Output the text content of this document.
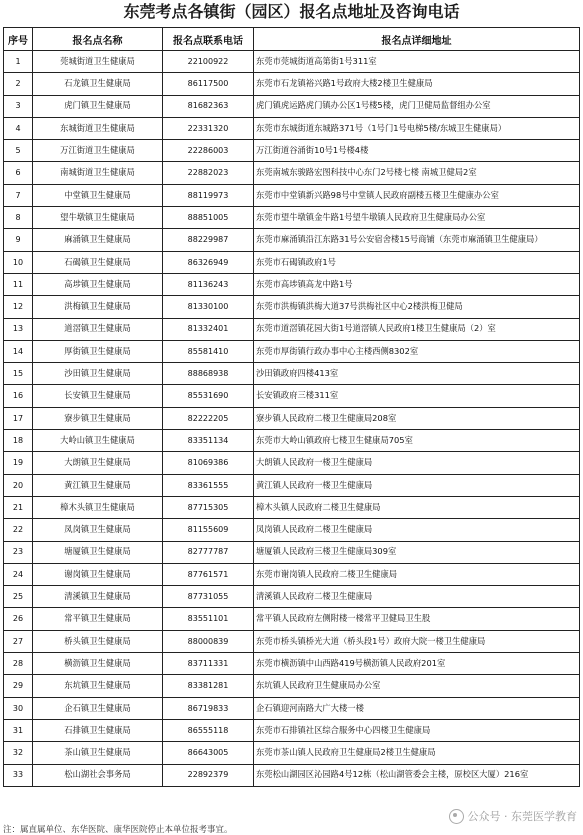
东莞考点各镇街（园区）报名点地址及咨询电话
序号	报名点名称	报名点联系电话	报名点详细地址
1	莞城街道卫生健康局	22100922	东莞市莞城街道高第街1号311室
2	石龙镇卫生健康局	86117500	东莞市石龙镇裕兴路1号政府大楼2楼卫生健康局
3	虎门镇卫生健康局	81682363	虎门镇虎运路虎门镇办公区1号楼5楼，虎门卫健局监督组办公室
4	东城街道卫生健康局	22331320	东莞市东城街道东城路371号（1号门1号电梯5楼/东城卫生健康局）
5	万江街道卫生健康局	22286003	万江街道谷涌街10号1号楼4楼
6	南城街道卫生健康局	22882023	东莞南城东骏路宏图科技中心东门2号楼七楼 南城卫健局2室
7	中堂镇卫生健康局	88119973	东莞市中堂镇新兴路98号中堂镇人民政府副楼五楼卫生健康办公室
8	望牛墩镇卫生健康局	88851005	东莞市望牛墩镇金牛路1号望牛墩镇人民政府卫生健康局办公室
9	麻涌镇卫生健康局	88229987	东莞市麻涌镇沿江东路31号公安宿舍楼15号商铺（东莞市麻涌镇卫生健康局）
10	石碣镇卫生健康局	86326949	东莞市石碣镇政府1号
11	高埗镇卫生健康局	81136243	东莞市高埗镇高龙中路1号
12	洪梅镇卫生健康局	81330100	东莞市洪梅镇洪梅大道37号洪梅社区中心2楼洪梅卫健局
13	道滘镇卫生健康局	81332401	东莞市道滘镇花园大街1号道滘镇人民政府1楼卫生健康局（2）室
14	厚街镇卫生健康局	85581410	东莞市厚街镇行政办事中心主楼西侧8302室
15	沙田镇卫生健康局	88868938	沙田镇政府四楼413室
16	长安镇卫生健康局	85531690	长安镇政府三楼311室
17	寮步镇卫生健康局	82222205	寮步镇人民政府二楼卫生健康局208室
18	大岭山镇卫生健康局	83351134	东莞市大岭山镇政府七楼卫生健康局705室
19	大朗镇卫生健康局	81069386	大朗镇人民政府一楼卫生健康局
20	黄江镇卫生健康局	83361555	黄江镇人民政府一楼卫生健康局
21	樟木头镇卫生健康局	87715305	樟木头镇人民政府二楼卫生健康局
22	凤岗镇卫生健康局	81155609	凤岗镇人民政府二楼卫生健康局
23	塘厦镇卫生健康局	82777787	塘厦镇人民政府三楼卫生健康局309室
24	谢岗镇卫生健康局	87761571	东莞市谢岗镇人民政府二楼卫生健康局
25	清溪镇卫生健康局	87731055	清溪镇人民政府二楼卫生健康局
26	常平镇卫生健康局	83551101	常平镇人民政府左侧附楼一楼常平卫健局卫生股
27	桥头镇卫生健康局	88000839	东莞市桥头镇桥光大道（桥头段1号）政府大院一楼卫生健康局
28	横沥镇卫生健康局	83711331	东莞市横沥镇中山西路419号横沥镇人民政府201室
29	东坑镇卫生健康局	83381281	东坑镇人民政府卫生健康局办公室
30	企石镇卫生健康局	86719833	企石镇迎河南路大广大楼一楼
31	石排镇卫生健康局	86555118	东莞市石排镇社区综合服务中心四楼卫生健康局
32	茶山镇卫生健康局	86643005	东莞市茶山镇人民政府卫生健康局2楼卫生健康局
33	松山湖社会事务局	22892379	东莞松山湖园区沁园路4号12栋（松山湖管委会主楼，原校区大厦）216室
注：属直属单位、东华医院、康华医院停止本单位报考事宜。
公众号 · 东莞医学教育
